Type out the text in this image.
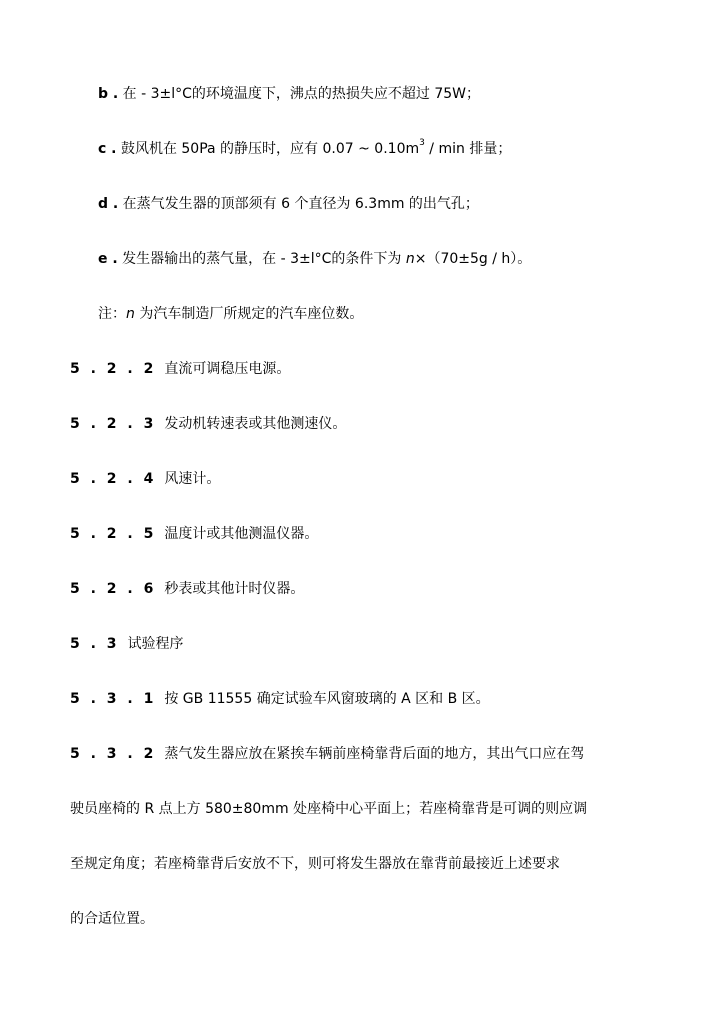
b . 在 - 3±l°C的环境温度下，沸点的热损失应不超过 75W；
c . 鼓风机在 50Pa 的静压时，应有 0.07 ~ $0.10m^3$ / min 排量；
d . 在蒸气发生器的顶部须有 6 个直径为 6.3mm 的出气孔；
e . 发生器输出的蒸气量，在 - 3±l°C的条件下为 n×（70±5g / h）。
注：n 为汽车制造厂所规定的汽车座位数。
5 . 2 . 2 直流可调稳压电源。
5 . 2 . 3 发动机转速表或其他测速仪。
5 . 2 . 4 风速计。
5 . 2 . 5 温度计或其他测温仪器。
5 . 2 . 6 秒表或其他计时仪器。
5 . 3 试验程序
5 . 3 . 1 按 GB 11555 确定试验车风窗玻璃的 A 区和 B 区。
5 . 3 . 2 蒸气发生器应放在紧挨车辆前座椅靠背后面的地方，其出气口应在驾
驶员座椅的 R 点上方 580±80mm 处座椅中心平面上；若座椅靠背是可调的则应调
至规定角度；若座椅靠背后安放不下，则可将发生器放在靠背前最接近上述要求
的合适位置。
